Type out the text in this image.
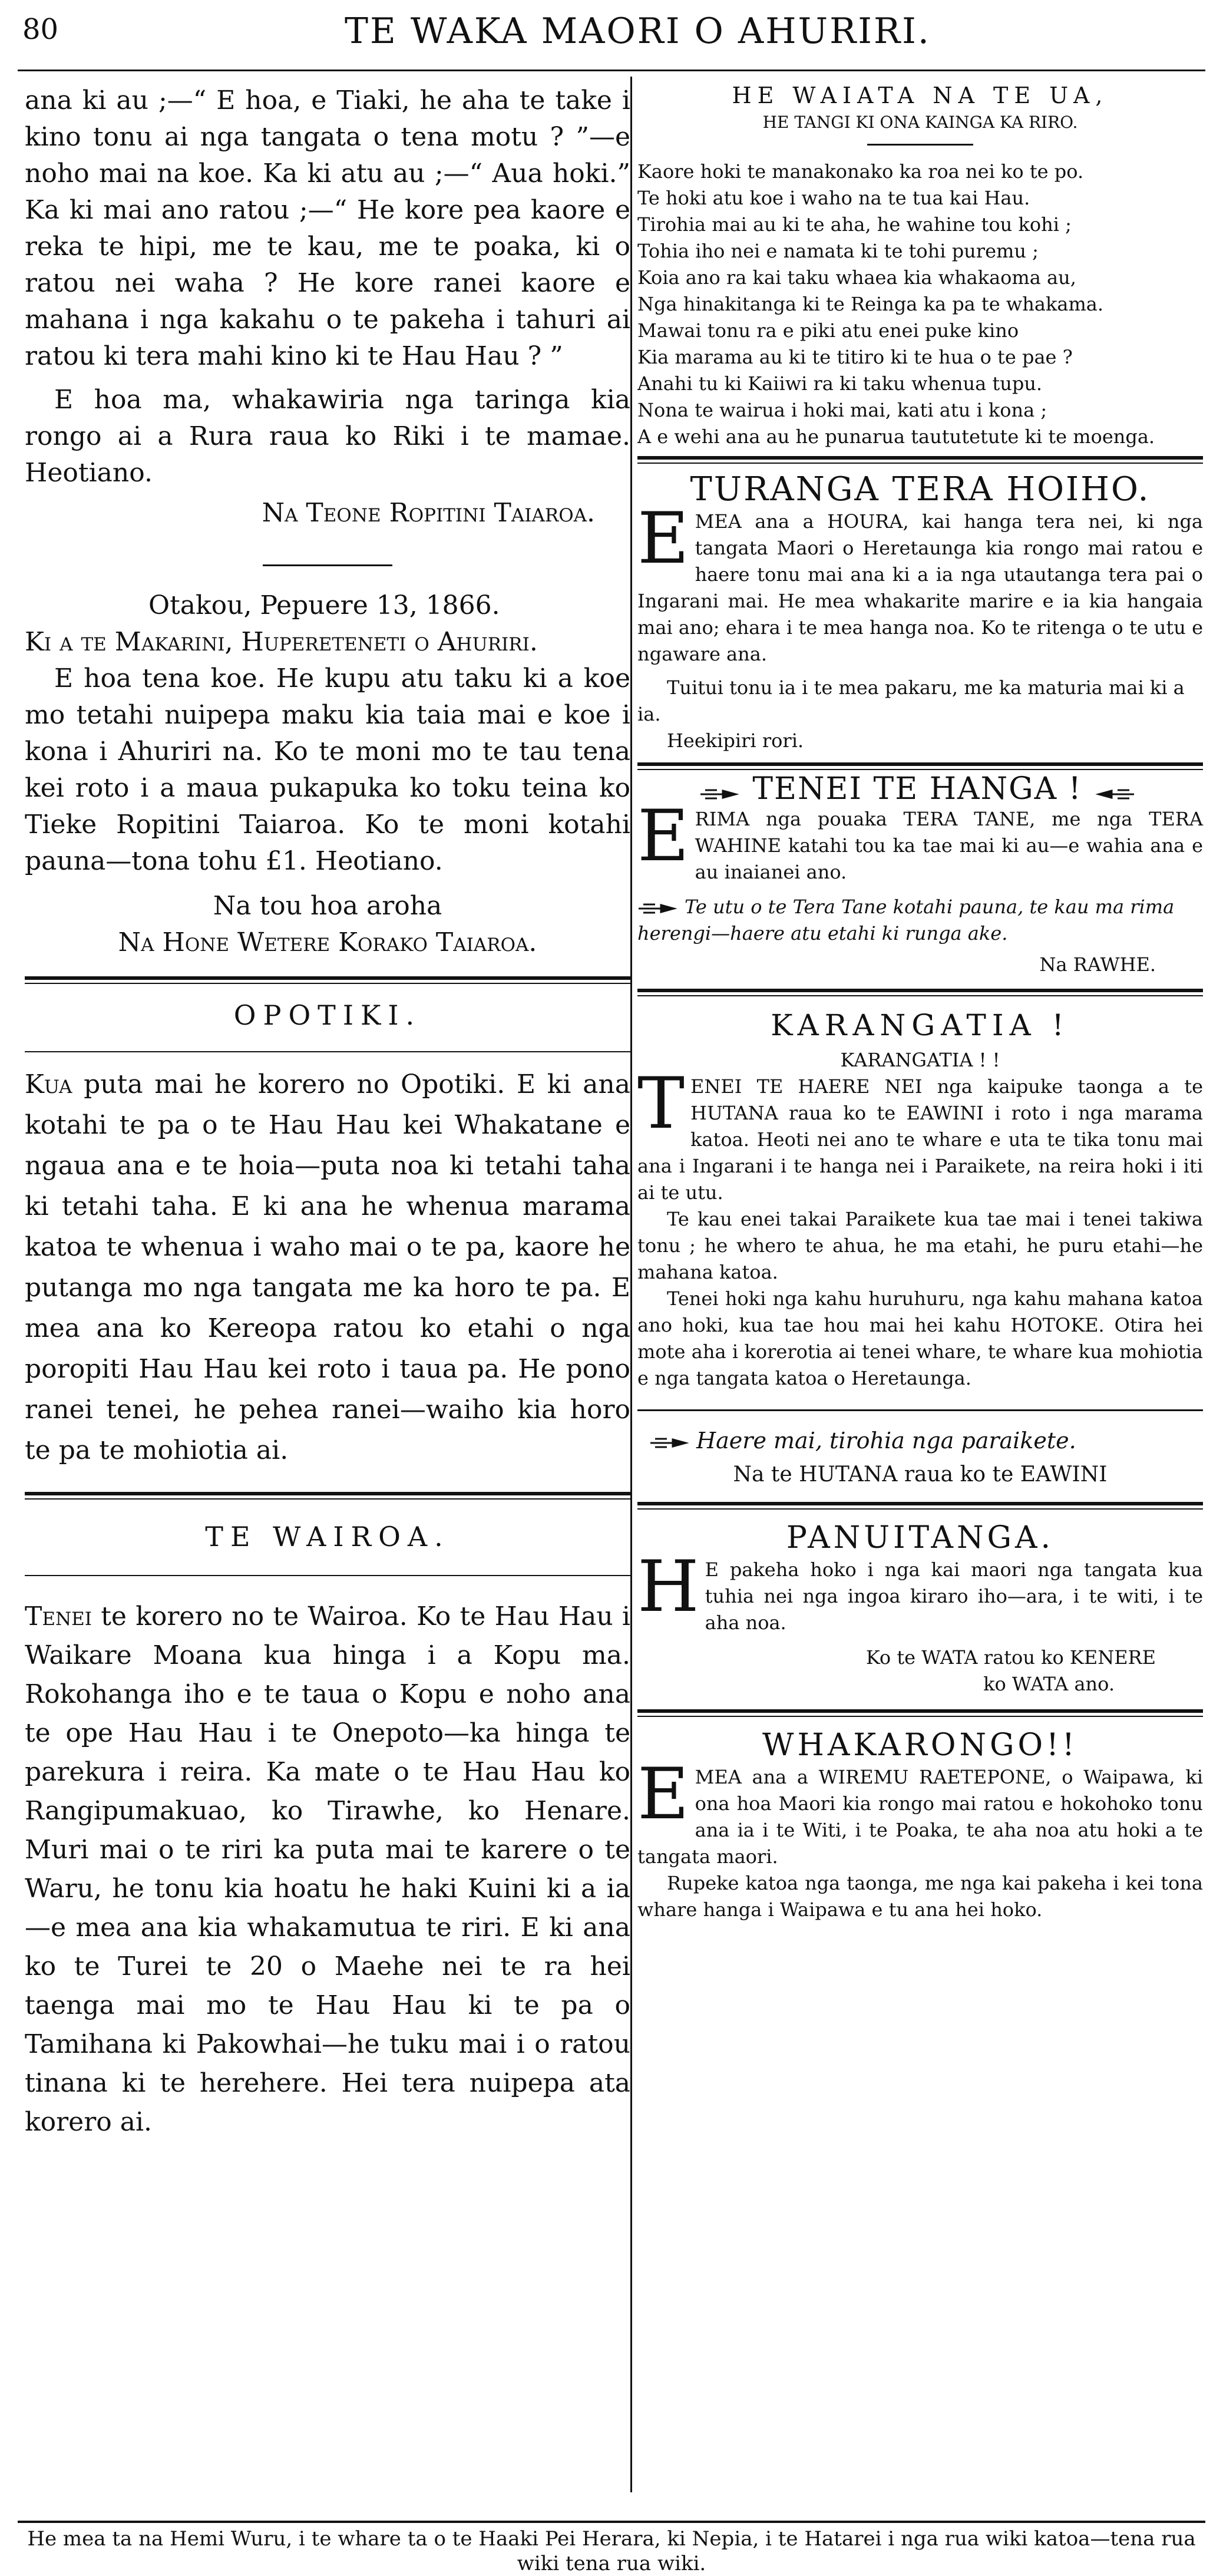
80	TE WAKA MAORI O AHURIRI.

ana ki au ;—“ E hoa, e Tiaki, he aha te take i kino tonu ai nga tangata o tena motu ? ”—e noho mai na koe. Ka ki atu au ;—“ Aua hoki.” Ka ki mai ano ratou ;—“ He kore pea kaore e reka te hipi, me te kau, me te poaka, ki o ratou nei waha ? He kore ranei kaore e mahana i nga kakahu o te pakeha i tahuri ai ratou ki tera mahi kino ki te Hau Hau ? ”

E hoa ma, whakawiria nga taringa kia rongo ai a Rura raua ko Riki i te mamae. Heotiano.

Na Teone Ropitini Taiaroa.

Otakou, Pepuere 13, 1866.

Ki a te Makarini, Hupereteneti o Ahuriri.

E hoa tena koe. He kupu atu taku ki a koe mo tetahi nuipepa maku kia taia mai e koe i kona i Ahuriri na. Ko te moni mo te tau tena kei roto i a maua pukapuka ko toku teina ko Tieke Ropitini Taiaroa. Ko te moni kotahi pauna—tona tohu £1. Heotiano.

Na tou hoa aroha

Na Hone Wetere Korako Taiaroa.

OPOTIKI.

Kua puta mai he korero no Opotiki. E ki ana kotahi te pa o te Hau Hau kei Whakatane e ngaua ana e te hoia—puta noa ki tetahi taha ki tetahi taha. E ki ana he whenua marama katoa te whenua i waho mai o te pa, kaore he putanga mo nga tangata me ka horo te pa. E mea ana ko Kereopa ratou ko etahi o nga poropiti Hau Hau kei roto i taua pa. He pono ranei tenei, he pehea ranei—waiho kia horo te pa te mohiotia ai.

TE WAIROA.

Tenei te korero no te Wairoa. Ko te Hau Hau i Waikare Moana kua hinga i a Kopu ma. Rokohanga iho e te taua o Kopu e noho ana te ope Hau Hau i te Onepoto—ka hinga te parekura i reira. Ka mate o te Hau Hau ko Rangipumakuao, ko Tirawhe, ko Henare. Muri mai o te riri ka puta mai te karere o te Waru, he tonu kia hoatu he haki Kuini ki a ia—e mea ana kia whakamutua te riri. E ki ana ko te Turei te 20 o Maehe nei te ra hei taenga mai mo te Hau Hau ki te pa o Tamihana ki Pakowhai—he tuku mai i o ratou tinana ki te herehere. Hei tera nuipepa ata korero ai.

HE WAIATA NA TE UA,

HE TANGI KI ONA KAINGA KA RIRO.

Kaore hoki te manakonako ka roa nei ko te po.

Te hoki atu koe i waho na te tua kai Hau.

Tirohia mai au ki te aha, he wahine tou kohi ;

Tohia iho nei e namata ki te tohi puremu ;

Koia ano ra kai taku whaea kia whakaoma au,

Nga hinakitanga ki te Reinga ka pa te whakama.

Mawai tonu ra e piki atu enei puke kino

Kia marama au ki te titiro ki te hua o te pae ?

Anahi tu ki Kaiiwi ra ki taku whenua tupu.

Nona te wairua i hoki mai, kati atu i kona ;

A e wehi ana au he punarua taututetute ki te moenga.

TURANGA TERA HOIHO.

EMEA ana a HOURA, kai hanga tera nei, ki nga tangata Maori o Heretaunga kia rongo mai ratou e haere tonu mai ana ki a ia nga utautanga tera pai o Ingarani mai. He mea whakarite marire e ia kia hangaia mai ano; ehara i te mea hanga noa. Ko te ritenga o te utu e ngaware ana.

Tuitui tonu ia i te mea pakaru, me ka maturia mai ki a ia.

Heekipiri rori.

TENEI TE HANGA !

ERIMA nga pouaka TERA TANE, me nga TERA WAHINE katahi tou ka tae mai ki au—e wahia ana e au inaianei ano.

Te utu o te Tera Tane kotahi pauna, te kau ma rima herengi—haere atu etahi ki runga ake.

Na RAWHE.

KARANGATIA !

KARANGATIA ! !

TENEI TE HAERE NEI nga kaipuke taonga a te HUTANA raua ko te EAWINI i roto i nga marama katoa. Heoti nei ano te whare e uta te tika tonu mai ana i Ingarani i te hanga nei i Paraikete, na reira hoki i iti ai te utu.

Te kau enei takai Paraikete kua tae mai i tenei takiwa tonu ; he whero te ahua, he ma etahi, he puru etahi—he mahana katoa.

Tenei hoki nga kahu huruhuru, nga kahu mahana katoa ano hoki, kua tae hou mai hei kahu HOTOKE. Otira hei mote aha i korerotia ai tenei whare, te whare kua mohiotia e nga tangata katoa o Heretaunga.

Haere mai, tirohia nga paraikete.

Na te HUTANA raua ko te EAWINI

PANUITANGA.

H E pakeha hoko i nga kai maori nga tangata kua tuhia nei nga ingoa kiraro iho—ara, i te witi, i te aha noa.

Ko te WATA ratou ko KENERE

ko WATA ano.

WHAKARONGO!!

EMEA ana a WIREMU RAETEPONE, o Waipawa, ki ona hoa Maori kia rongo mai ratou e hokohoko tonu ana ia i te Witi, i te Poaka, te aha noa atu hoki a te tangata maori.

Rupeke katoa nga taonga, me nga kai pakeha i kei tona whare hanga i Waipawa e tu ana hei hoko.

He mea ta na Hemi Wuru, i te whare ta o te Haaki Pei Herara, ki Nepia, i te Hatarei i nga rua wiki katoa—tena rua wiki tena rua wiki.
